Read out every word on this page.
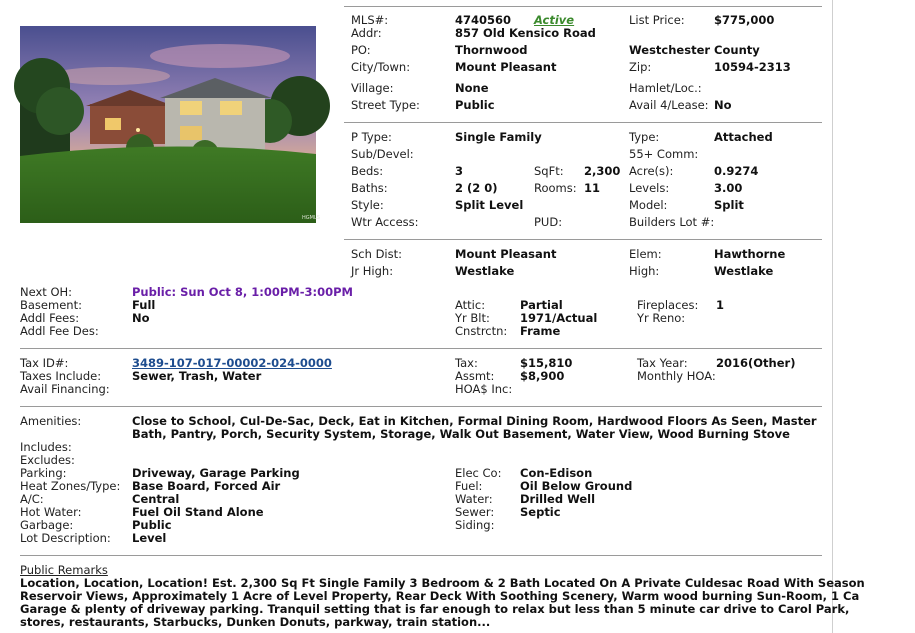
HGMLS
MLS#:	4740560 Active	List Price:	$775,000
Addr:	857 Old Kensico Road
PO:	Thornwood	Westchester County
City/Town:	Mount Pleasant	Zip:	10594-2313
Village:	None	Hamlet/Loc.:
Street Type:	Public	Avail 4/Lease: No
P Type:	Single Family	Type:	Attached
Sub/Devel:	55+ Comm:
Beds:	3	SqFt: 2,300 Acre(s):	0.9274
Baths:	2 (2 0)	Rooms: 11	Levels:	3.00
Style:	Split Level	Model:	Split
Wtr Access:	PUD:	Builders Lot #:
Sch Dist:	Mount Pleasant	Elem:	Hawthorne
Jr High:	Westlake	High:	Westlake
Next OH:	Public: Sun Oct 8, 1:00PM-3:00PM
Basement:	Full	Attic:	Partial	Fireplaces: 1
Addl Fees:	No	Yr Blt:	1971/Actual	Yr Reno:
Addl Fee Des:	Cnstrctn: Frame
Tax ID#:	3489-107-017-00002-024-0000	Tax:	$15,810	Tax Year: 2016(Other)
Taxes Include:	Sewer, Trash, Water	Assmt: $8,900	Monthly HOA:
Avail Financing:	HOA$ Inc:
Amenities:	Close to School, Cul-De-Sac, Deck, Eat in Kitchen, Formal Dining Room, Hardwood Floors As Seen, Master Bath, Pantry, Porch, Security System, Storage, Walk Out Basement, Water View, Wood Burning Stove
Includes:
Excludes:
Parking:	Driveway, Garage Parking	Elec Co: Con-Edison
Heat Zones/Type: Base Board, Forced Air	Fuel:	Oil Below Ground
A/C:	Central	Water: Drilled Well
Hot Water:	Fuel Oil Stand Alone	Sewer: Septic
Garbage:	Public	Siding:
Lot Description: Level
Public Remarks
Location, Location, Location! Est. 2,300 Sq Ft Single Family 3 Bedroom & 2 Bath Located On A Private Culdesac Road With Season
Reservoir Views, Approximately 1 Acre of Level Property, Rear Deck With Soothing Scenery, Warm wood burning Sun-Room, 1 Ca
Garage & plenty of driveway parking. Tranquil setting that is far enough to relax but less than 5 minute car drive to Carol Park,
stores, restaurants, Starbucks, Dunken Donuts, parkway, train station...
